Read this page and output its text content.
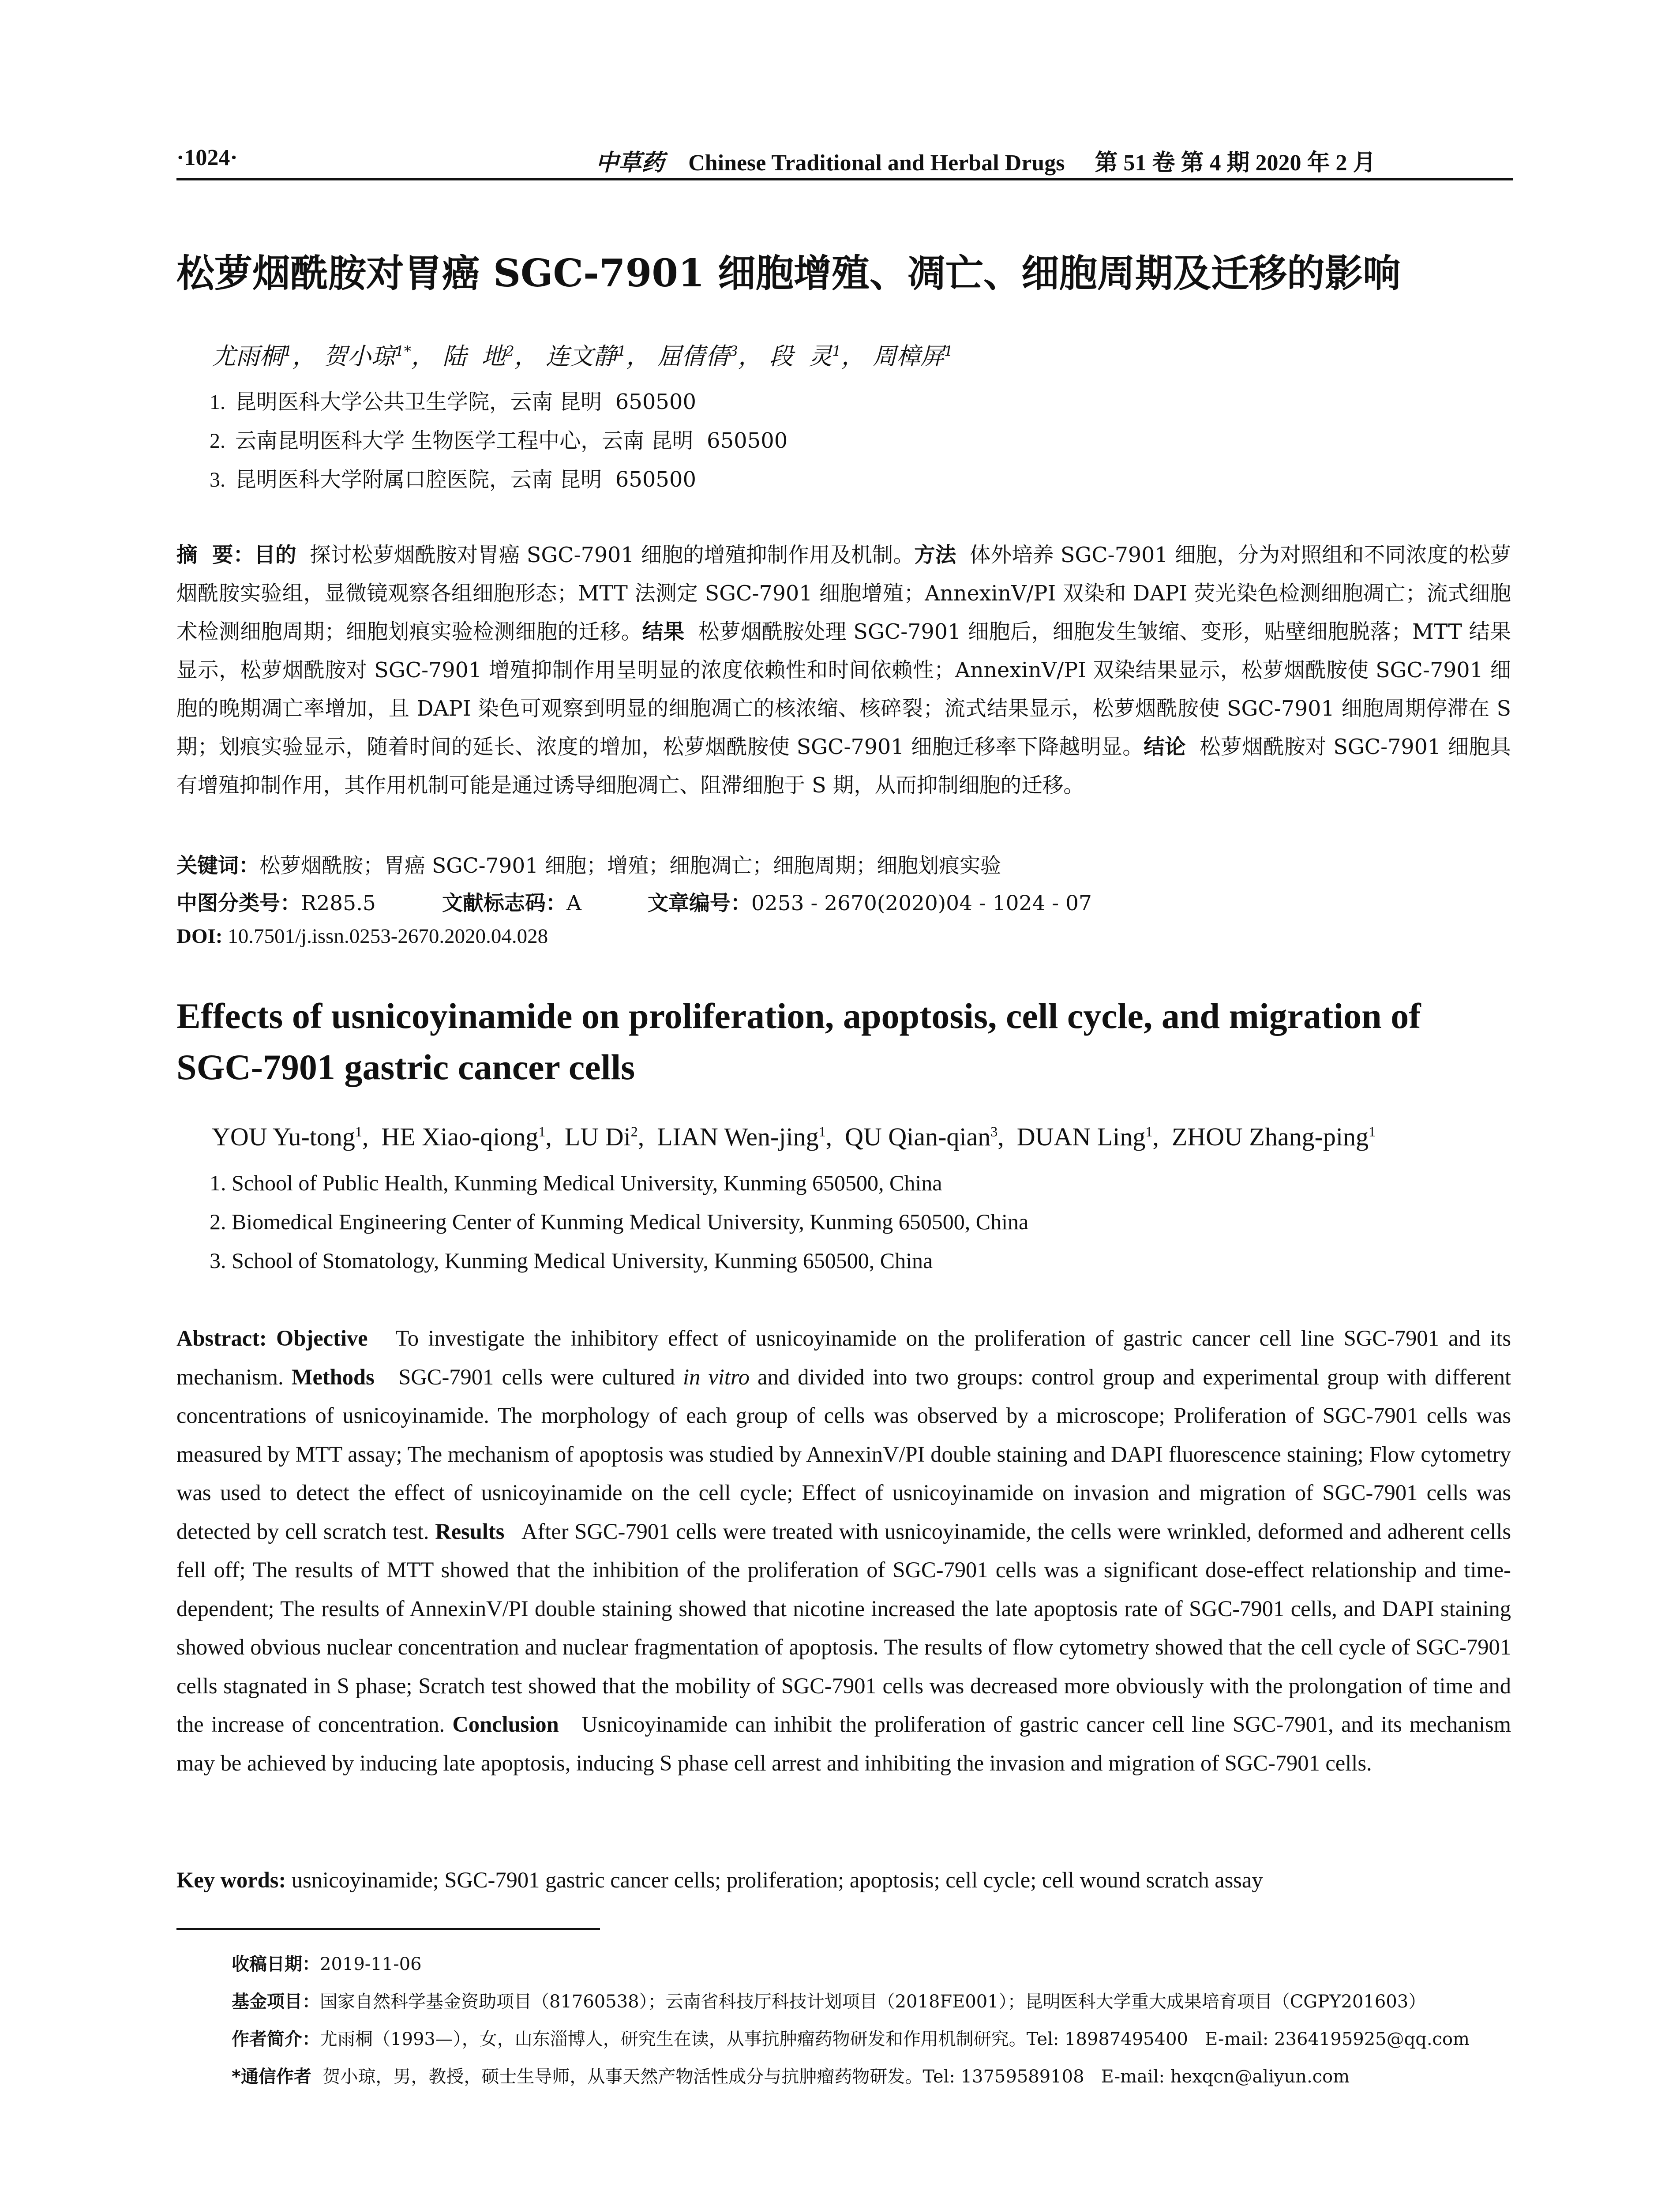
·1024·	中草药 Chinese Traditional and Herbal Drugs 第 51 卷 第 4 期 2020 年 2 月
松萝烟酰胺对胃癌 SGC-7901 细胞增殖、凋亡、细胞周期及迁移的影响
尤雨桐$^1$， 贺小琼$^{1*}$， 陆  地$^2$， 连文静$^1$， 屈倩倩$^3$， 段  灵$^1$， 周樟屏$^1$
1. 昆明医科大学公共卫生学院，云南 昆明  650500
2. 云南昆明医科大学 生物医学工程中心，云南 昆明  650500
3. 昆明医科大学附属口腔医院，云南 昆明  650500
摘  要：目的  探讨松萝烟酰胺对胃癌 SGC-7901 细胞的增殖抑制作用及机制。方法  体外培养 SGC-7901 细胞，分为对照组和不同浓度的松萝烟酰胺实验组，显微镜观察各组细胞形态；MTT 法测定 SGC-7901 细胞增殖；AnnexinV/PI 双染和 DAPI 荧光染色检测细胞凋亡；流式细胞术检测细胞周期；细胞划痕实验检测细胞的迁移。结果  松萝烟酰胺处理 SGC-7901 细胞后，细胞发生皱缩、变形，贴壁细胞脱落；MTT 结果显示，松萝烟酰胺对 SGC-7901 增殖抑制作用呈明显的浓度依赖性和时间依赖性；AnnexinV/PI 双染结果显示，松萝烟酰胺使 SGC-7901 细胞的晚期凋亡率增加，且 DAPI 染色可观察到明显的细胞凋亡的核浓缩、核碎裂；流式结果显示，松萝烟酰胺使 SGC-7901 细胞周期停滞在 S 期；划痕实验显示，随着时间的延长、浓度的增加，松萝烟酰胺使 SGC-7901 细胞迁移率下降越明显。结论  松萝烟酰胺对 SGC-7901 细胞具有增殖抑制作用，其作用机制可能是通过诱导细胞凋亡、阻滞细胞于 S 期，从而抑制细胞的迁移。
关键词：松萝烟酰胺；胃癌 SGC-7901 细胞；增殖；细胞凋亡；细胞周期；细胞划痕实验
中图分类号：R285.5	文献标志码：A	文章编号：0253 - 2670(2020)04 - 1024 - 07
DOI: 10.7501/j.issn.0253-2670.2020.04.028
Effects of usnicoyinamide on proliferation, apoptosis, cell cycle, and migration of SGC-7901 gastric cancer cells
YOU Yu-tong$^1$,  HE Xiao-qiong$^1$,  LU Di$^2$,  LIAN Wen-jing$^1$,  QU Qian-qian$^3$,  DUAN Ling$^1$,  ZHOU Zhang-ping$^1$
1. School of Public Health, Kunming Medical University, Kunming 650500, China
2. Biomedical Engineering Center of Kunming Medical University, Kunming 650500, China
3. School of Stomatology, Kunming Medical University, Kunming 650500, China
Abstract: Objective   To investigate the inhibitory effect of usnicoyinamide on the proliferation of gastric cancer cell line SGC-7901 and its mechanism. Methods   SGC-7901 cells were cultured in vitro and divided into two groups: control group and experimental group with different concentrations of usnicoyinamide. The morphology of each group of cells was observed by a microscope; Proliferation of SGC-7901 cells was measured by MTT assay; The mechanism of apoptosis was studied by AnnexinV/PI double staining and DAPI fluorescence staining; Flow cytometry was used to detect the effect of usnicoyinamide on the cell cycle; Effect of usnicoyinamide on invasion and migration of SGC-7901 cells was detected by cell scratch test. Results   After SGC-7901 cells were treated with usnicoyinamide, the cells were wrinkled, deformed and adherent cells fell off; The results of MTT showed that the inhibition of the proliferation of SGC-7901 cells was a significant dose-effect relationship and time-dependent; The results of AnnexinV/PI double staining showed that nicotine increased the late apoptosis rate of SGC-7901 cells, and DAPI staining showed obvious nuclear concentration and nuclear fragmentation of apoptosis. The results of flow cytometry showed that the cell cycle of SGC-7901 cells stagnated in S phase; Scratch test showed that the mobility of SGC-7901 cells was decreased more obviously with the prolongation of time and the increase of concentration. Conclusion   Usnicoyinamide can inhibit the proliferation of gastric cancer cell line SGC-7901, and its mechanism may be achieved by inducing late apoptosis, inducing S phase cell arrest and inhibiting the invasion and migration of SGC-7901 cells.
Key words: usnicoyinamide; SGC-7901 gastric cancer cells; proliferation; apoptosis; cell cycle; cell wound scratch assay
收稿日期：2019-11-06
基金项目：国家自然科学基金资助项目（81760538）；云南省科技厅科技计划项目（2018FE001）；昆明医科大学重大成果培育项目（CGPY201603）
作者简介：尤雨桐（1993—），女，山东淄博人，研究生在读，从事抗肿瘤药物研发和作用机制研究。Tel: 18987495400   E-mail: 2364195925@qq.com
*通信作者  贺小琼，男，教授，硕士生导师，从事天然产物活性成分与抗肿瘤药物研发。Tel: 13759589108   E-mail: hexqcn@aliyun.com
